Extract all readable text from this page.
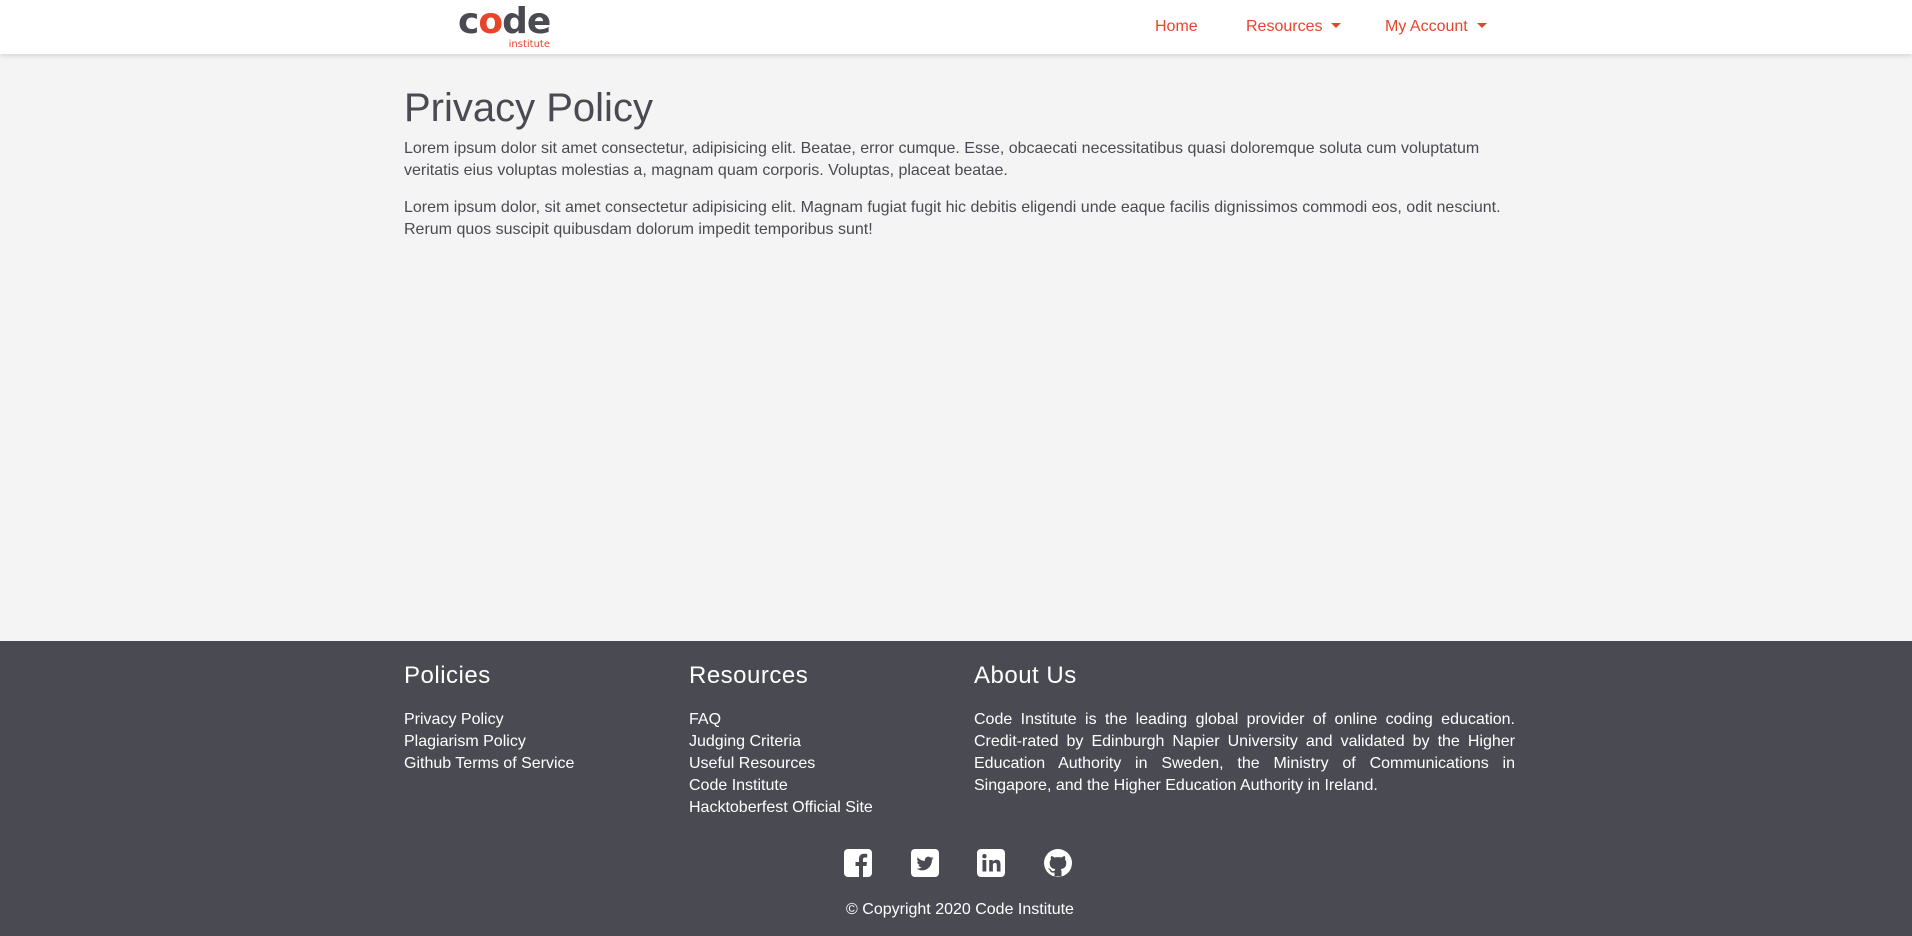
code
institute
Home	Resources	My Account
Privacy Policy

Lorem ipsum dolor sit amet consectetur, adipisicing elit. Beatae, error cumque. Esse, obcaecati necessitatibus quasi doloremque soluta cum voluptatum veritatis eius voluptas molestias a, magnam quam corporis. Voluptas, placeat beatae.

Lorem ipsum dolor, sit amet consectetur adipisicing elit. Magnam fugiat fugit hic debitis eligendi unde eaque facilis dignissimos commodi eos, odit nesciunt. Rerum quos suscipit quibusdam dolorum impedit temporibus sunt!

Policies
Privacy Policy
Plagiarism Policy
Github Terms of Service
Resources
FAQ
Judging Criteria
Useful Resources
Code Institute
Hacktoberfest Official Site
About Us

Code Institute is the leading global provider of online coding education. Credit-rated by Edinburgh Napier University and validated by the Higher Education Authority in Sweden, the Ministry of Communications in Singapore, and the Higher Education Authority in Ireland.

© Copyright 2020 Code Institute
